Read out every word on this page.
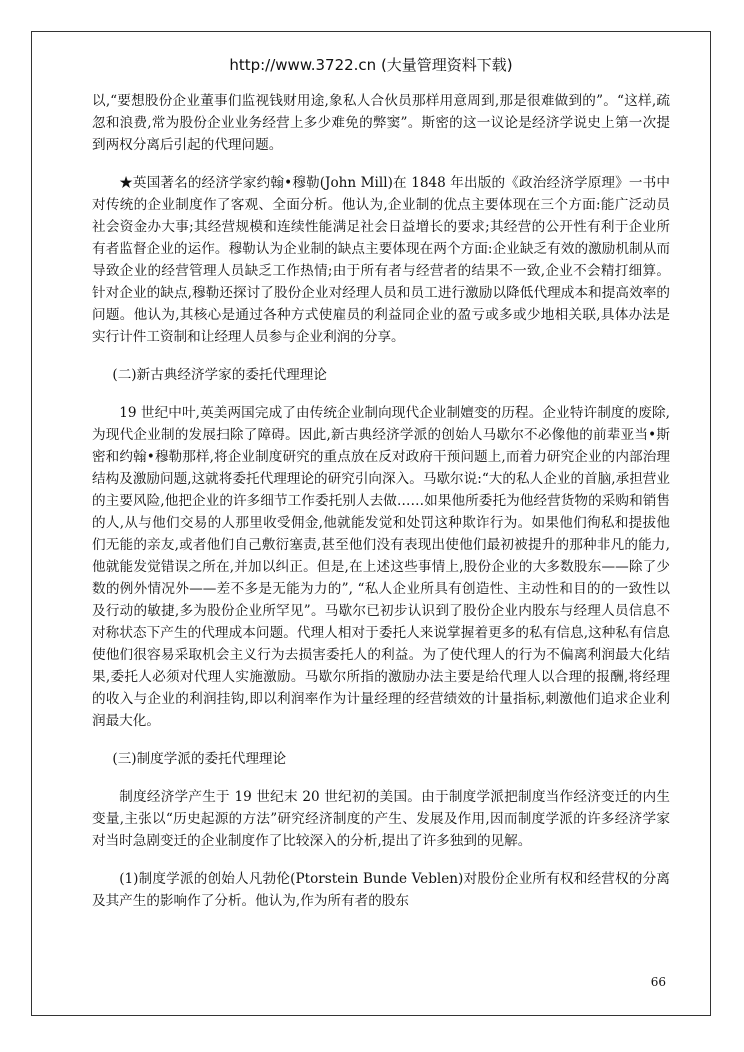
http://www.3722.cn (大量管理资料下载)

以,“要想股份企业董事们监视钱财用途,象私人合伙员那样用意周到,那是很难做到的”。“这样,疏忽和浪费,常为股份企业业务经营上多少难免的弊窦”。斯密的这一议论是经济学说史上第一次提到两权分离后引起的代理问题。

★英国著名的经济学家约翰•穆勒(John Mill)在 1848 年出版的《政治经济学原理》一书中对传统的企业制度作了客观、全面分析。他认为,企业制的优点主要体现在三个方面:能广泛动员社会资金办大事;其经营规模和连续性能满足社会日益增长的要求;其经营的公开性有利于企业所有者监督企业的运作。穆勒认为企业制的缺点主要体现在两个方面:企业缺乏有效的激励机制从而导致企业的经营管理人员缺乏工作热情;由于所有者与经营者的结果不一致,企业不会精打细算。针对企业的缺点,穆勒还探讨了股份企业对经理人员和员工进行激励以降低代理成本和提高效率的问题。他认为,其核心是通过各种方式使雇员的利益同企业的盈亏或多或少地相关联,具体办法是实行计件工资制和让经理人员参与企业利润的分享。

(二)新古典经济学家的委托代理理论

19 世纪中叶,英美两国完成了由传统企业制向现代企业制嬗变的历程。企业特许制度的废除,为现代企业制的发展扫除了障碍。因此,新古典经济学派的创始人马歇尔不必像他的前辈亚当•斯密和约翰•穆勒那样,将企业制度研究的重点放在反对政府干预问题上,而着力研究企业的内部治理结构及激励问题,这就将委托代理理论的研究引向深入。马歇尔说:“大的私人企业的首脑,承担营业的主要风险,他把企业的许多细节工作委托别人去做……如果他所委托为他经营货物的采购和销售的人,从与他们交易的人那里收受佣金,他就能发觉和处罚这种欺诈行为。如果他们徇私和提拔他们无能的亲友,或者他们自己敷衍塞责,甚至他们没有表现出使他们最初被提升的那种非凡的能力,他就能发觉错误之所在,并加以纠正。但是,在上述这些事情上,股份企业的大多数股东——除了少数的例外情况外——差不多是无能为力的”, “私人企业所具有创造性、主动性和目的的一致性以及行动的敏捷,多为股份企业所罕见”。马歇尔已初步认识到了股份企业内股东与经理人员信息不对称状态下产生的代理成本问题。代理人相对于委托人来说掌握着更多的私有信息,这种私有信息使他们很容易采取机会主义行为去损害委托人的利益。为了使代理人的行为不偏离利润最大化结果,委托人必须对代理人实施激励。马歇尔所指的激励办法主要是给代理人以合理的报酬,将经理的收入与企业的利润挂钩,即以利润率作为计量经理的经营绩效的计量指标,刺激他们追求企业利润最大化。

(三)制度学派的委托代理理论

制度经济学产生于 19 世纪末 20 世纪初的美国。由于制度学派把制度当作经济变迁的内生变量,主张以“历史起源的方法”研究经济制度的产生、发展及作用,因而制度学派的许多经济学家对当时急剧变迁的企业制度作了比较深入的分析,提出了许多独到的见解。

(1)制度学派的创始人凡勃伦(Ptorstein Bunde Veblen)对股份企业所有权和经营权的分离及其产生的影响作了分析。他认为,作为所有者的股东

66
